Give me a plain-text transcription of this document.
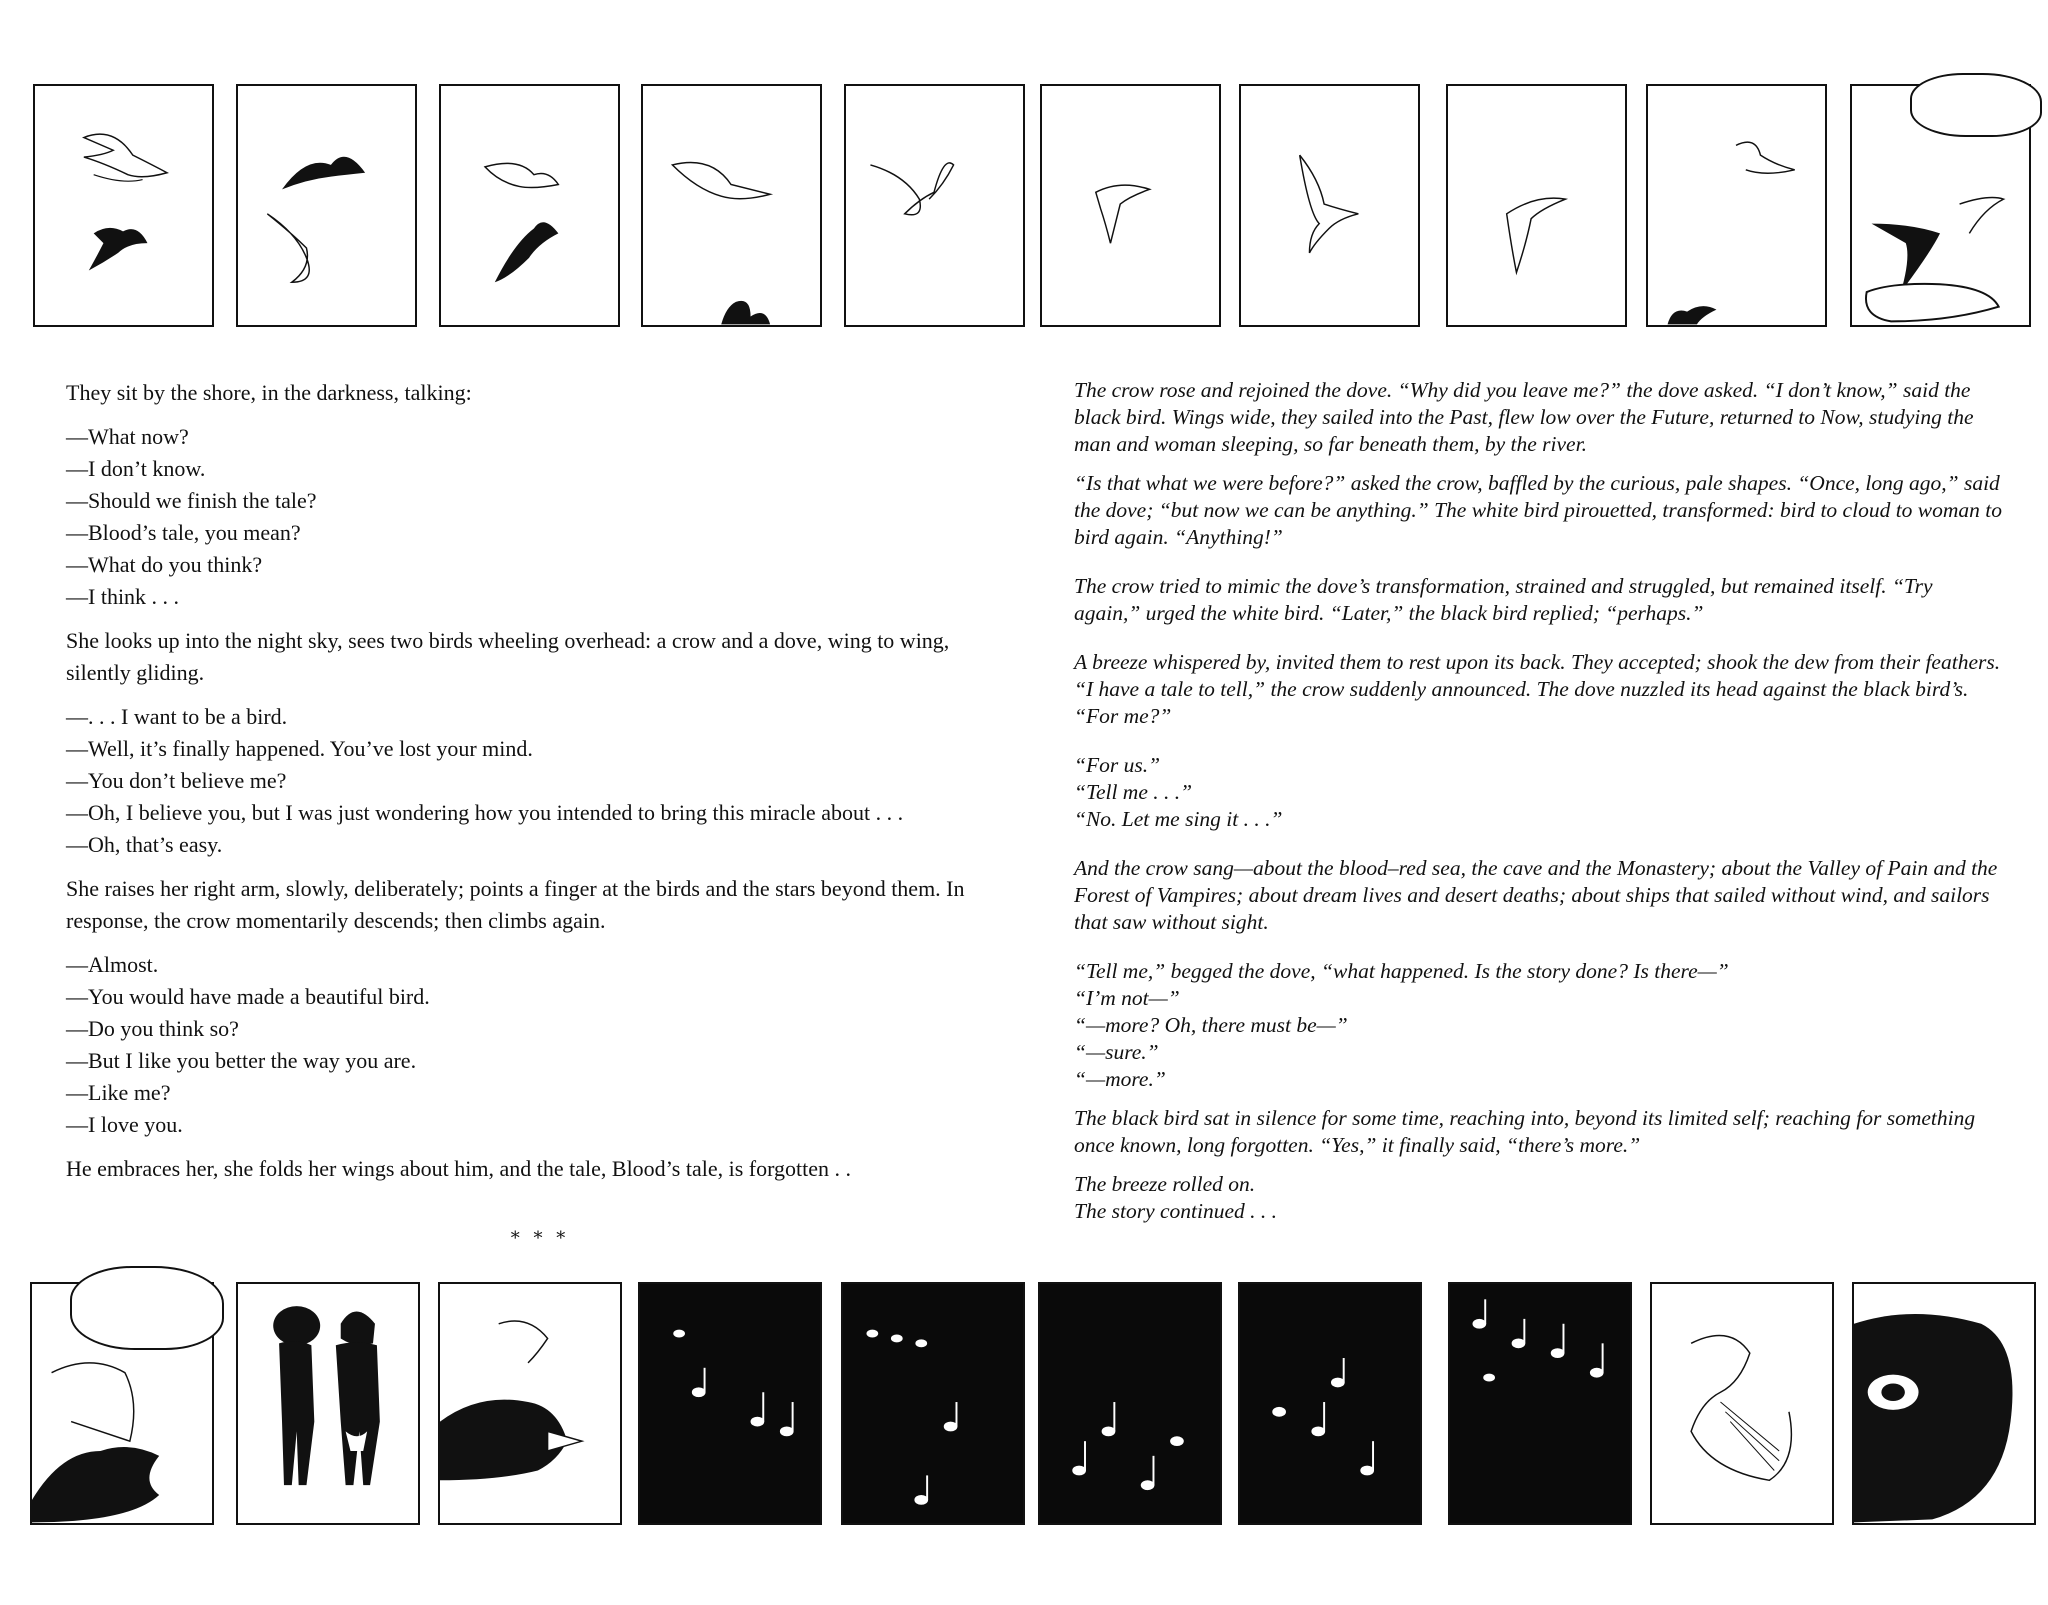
They sit by the shore, in the darkness, talking:

—What now?

—I don’t know.

—Should we finish the tale?

—Blood’s tale, you mean?

—What do you think?

—I think . . .

She looks up into the night sky, sees two birds wheeling overhead: a crow and a dove, wing to wing, silently gliding.

—. . . I want to be a bird.

—Well, it’s finally happened. You’ve lost your mind.

—You don’t believe me?

—Oh, I believe you, but I was just wondering how you intended to bring this miracle about . . .

—Oh, that’s easy.

She raises her right arm, slowly, deliberately; points a finger at the birds and the stars beyond them. In response, the crow momentarily descends; then climbs again.

—Almost.

—You would have made a beautiful bird.

—Do you think so?

—But I like you better the way you are.

—Like me?

—I love you.

He embraces her, she folds her wings about him, and the tale, Blood’s tale, is forgotten . .

* * *

The crow rose and rejoined the dove. “Why did you leave me?” the dove asked. “I don’t know,” said the black bird. Wings wide, they sailed into the Past, flew low over the Future, returned to Now, studying the man and woman sleeping, so far beneath them, by the river.

“Is that what we were before?” asked the crow, baffled by the curious, pale shapes. “Once, long ago,” said the dove; “but now we can be anything.” The white bird pirouetted, transformed: bird to cloud to woman to bird again. “Anything!”

The crow tried to mimic the dove’s transformation, strained and struggled, but remained itself. “Try again,” urged the white bird. “Later,” the black bird replied; “perhaps.”

A breeze whispered by, invited them to rest upon its back. They accepted; shook the dew from their feathers. “I have a tale to tell,” the crow suddenly announced. The dove nuzzled its head against the black bird’s. “For me?”

“For us.”

“Tell me . . .”

“No. Let me sing it . . .”

And the crow sang—about the blood–red sea, the cave and the Monastery; about the Valley of Pain and the Forest of Vampires; about dream lives and desert deaths; about ships that sailed without wind, and sailors that saw without sight.

“Tell me,” begged the dove, “what happened. Is the story done? Is there—”

“I’m not—”

“—more? Oh, there must be—”

“—sure.”

“—more.”

The black bird sat in silence for some time, reaching into, beyond its limited self; reaching for something once known, long forgotten. “Yes,” it finally said, “there’s more.”

The breeze rolled on.

The story continued . . .
